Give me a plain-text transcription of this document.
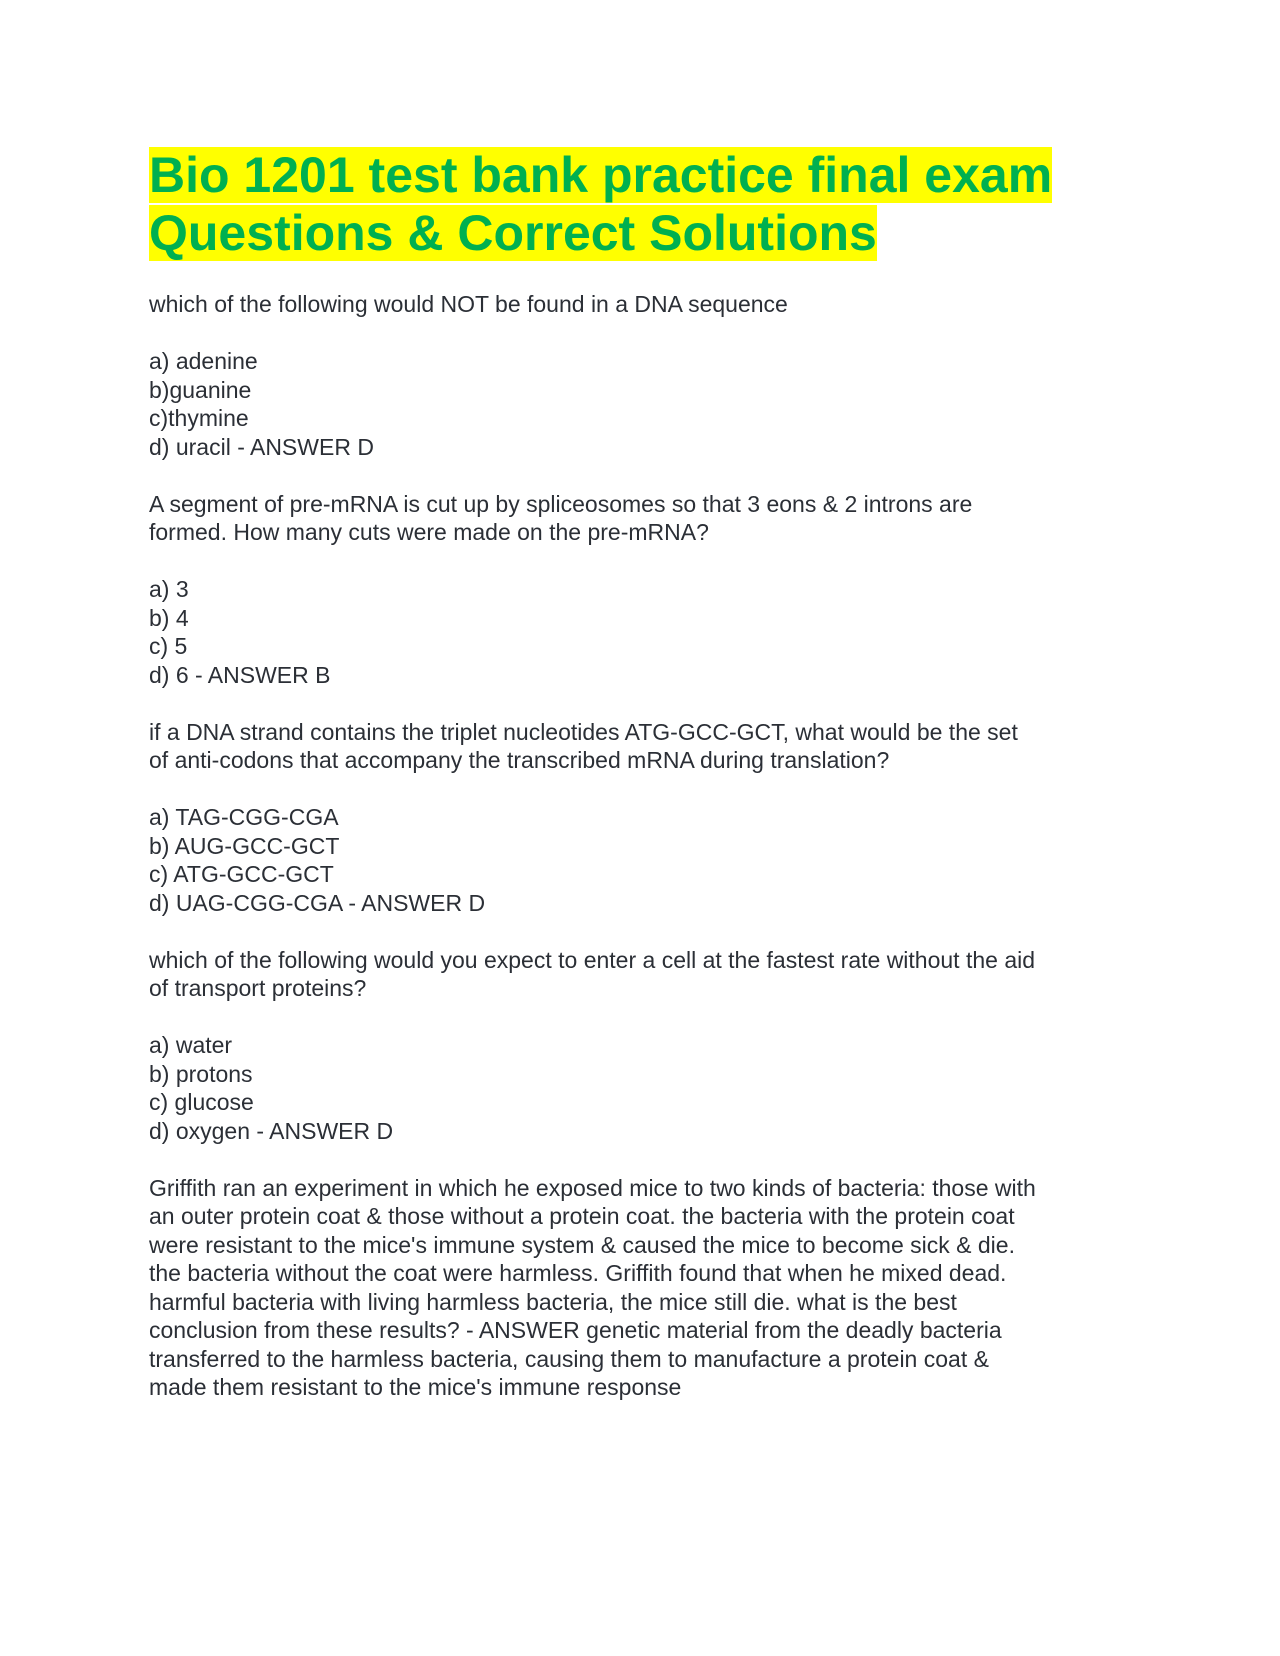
Bio 1201 test bank practice final exam
Questions & Correct Solutions

which of the following would NOT be found in a DNA sequence

a) adenine
b)guanine
c)thymine
d) uracil - ANSWER D

A segment of pre-mRNA is cut up by spliceosomes so that 3 eons & 2 introns are
formed. How many cuts were made on the pre-mRNA?

a) 3
b) 4
c) 5
d) 6 - ANSWER B

if a DNA strand contains the triplet nucleotides ATG-GCC-GCT, what would be the set
of anti-codons that accompany the transcribed mRNA during translation?

a) TAG-CGG-CGA
b) AUG-GCC-GCT
c) ATG-GCC-GCT
d) UAG-CGG-CGA - ANSWER D

which of the following would you expect to enter a cell at the fastest rate without the aid
of transport proteins?

a) water
b) protons
c) glucose
d) oxygen - ANSWER D

Griffith ran an experiment in which he exposed mice to two kinds of bacteria: those with
an outer protein coat & those without a protein coat. the bacteria with the protein coat
were resistant to the mice's immune system & caused the mice to become sick & die.
the bacteria without the coat were harmless. Griffith found that when he mixed dead.
harmful bacteria with living harmless bacteria, the mice still die. what is the best
conclusion from these results? - ANSWER genetic material from the deadly bacteria
transferred to the harmless bacteria, causing them to manufacture a protein coat &
made them resistant to the mice's immune response
